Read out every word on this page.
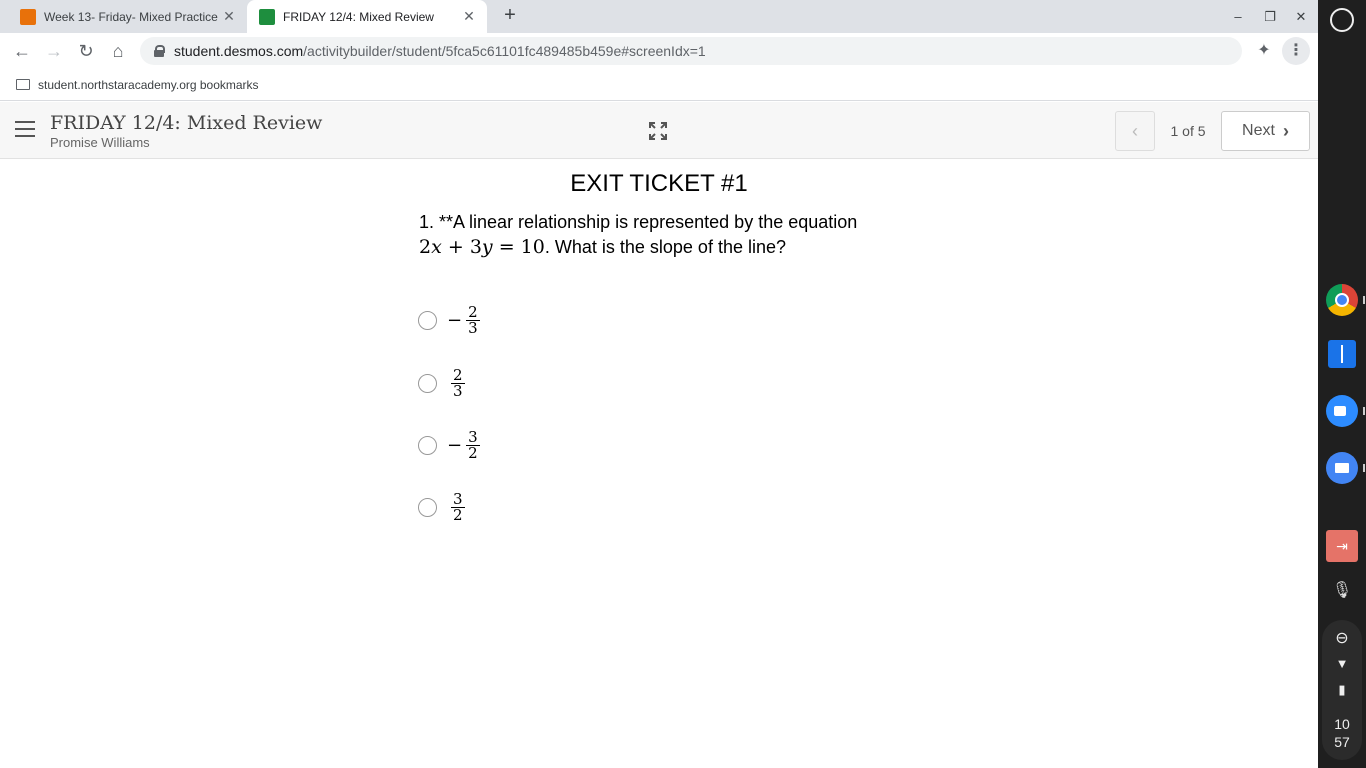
Week 13- Friday- Mixed Practice ✕	FRIDAY 12/4: Mixed Review	✕	+	–	❐	✕
← → ↻	⌂	student.desmos.com /activitybuilder/student/5fca5c61101fc489485b459e#screenIdx=1	✦	⋮
student.northstaracademy.org bookmarks
FRIDAY 12/4: Mixed Review
Promise Williams
‹	1 of 5	Next ›
EXIT TICKET #1
1. **A linear relationship is represented by the equation
2x + 3y = 10. What is the slope of the line?
− $\frac{2}{3}$
$\frac{2}{3}$
− $\frac{3}{2}$
$\frac{3}{2}$
⇥
🎙
⊖
▼
▮
10
57
